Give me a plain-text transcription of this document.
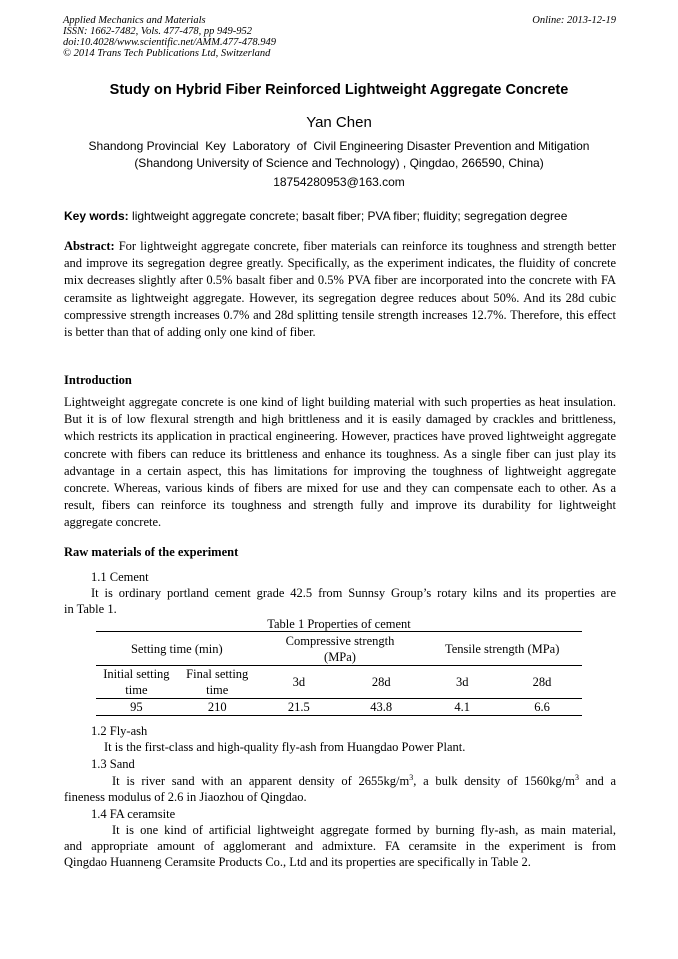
Applied Mechanics and Materials
ISSN: 1662-7482, Vols. 477-478, pp 949-952
doi:10.4028/www.scientific.net/AMM.477-478.949
© 2014 Trans Tech Publications Ltd, Switzerland
Online: 2013-12-19
Study on Hybrid Fiber Reinforced Lightweight Aggregate Concrete
Yan Chen
Shandong Provincial  Key  Laboratory  of  Civil Engineering Disaster Prevention and Mitigation
(Shandong University of Science and Technology) , Qingdao, 266590, China)
18754280953@163.com
Key words: lightweight aggregate concrete; basalt fiber; PVA fiber; fluidity; segregation degree
Abstract: For lightweight aggregate concrete, fiber materials can reinforce its toughness and strength better and improve its segregation degree greatly. Specifically, as the experiment indicates, the fluidity of concrete mix decreases slightly after 0.5% basalt fiber and 0.5% PVA fiber are incorporated into the concrete with FA ceramsite as lightweight aggregate. However, its segregation degree reduces about 50%. And its 28d cubic compressive strength increases 0.7% and 28d splitting tensile strength increases 12.7%. Therefore, this effect is better than that of adding only one kind of fiber.
Introduction
Lightweight aggregate concrete is one kind of light building material with such properties as heat insulation. But it is of low flexural strength and high brittleness and it is easily damaged by crackles and brittleness, which restricts its application in practical engineering. However, practices have proved lightweight aggregate concrete with fibers can reduce its brittleness and enhance its toughness. As a single fiber can just play its advantage in a certain aspect, this has limitations for improving the toughness of lightweight aggregate concrete. Whereas, various kinds of fibers are mixed for use and they can compensate each to other. As a result, fibers can reinforce its toughness and strength fully and improve its durability for lightweight aggregate concrete.
Raw materials of the experiment
1.1 Cement
It is ordinary portland cement grade 42.5 from Sunnsy Group’s rotary kilns and its properties are
in Table 1.
Table 1 Properties of cement
Setting time (min)		Compressive strength (MPa)		Tensile strength (MPa)	
Initial setting time	Final setting time	3d	28d	3d	28d
95	210	21.5	43.8	4.1	6.6
1.2 Fly-ash
It is the first-class and high-quality fly-ash from Huangdao Power Plant.
1.3 Sand
It is river sand with an apparent density of $2655kg/m^3$, a bulk density of $1560kg/m^3$ and a
fineness modulus of 2.6 in Jiaozhou of Qingdao.
1.4 FA ceramsite
It is one kind of artificial lightweight aggregate formed by burning fly-ash, as main material,
and appropriate amount of agglomerant and admixture. FA ceramsite in the experiment is from
Qingdao Huanneng Ceramsite Products Co., Ltd and its properties are specifically in Table 2.
